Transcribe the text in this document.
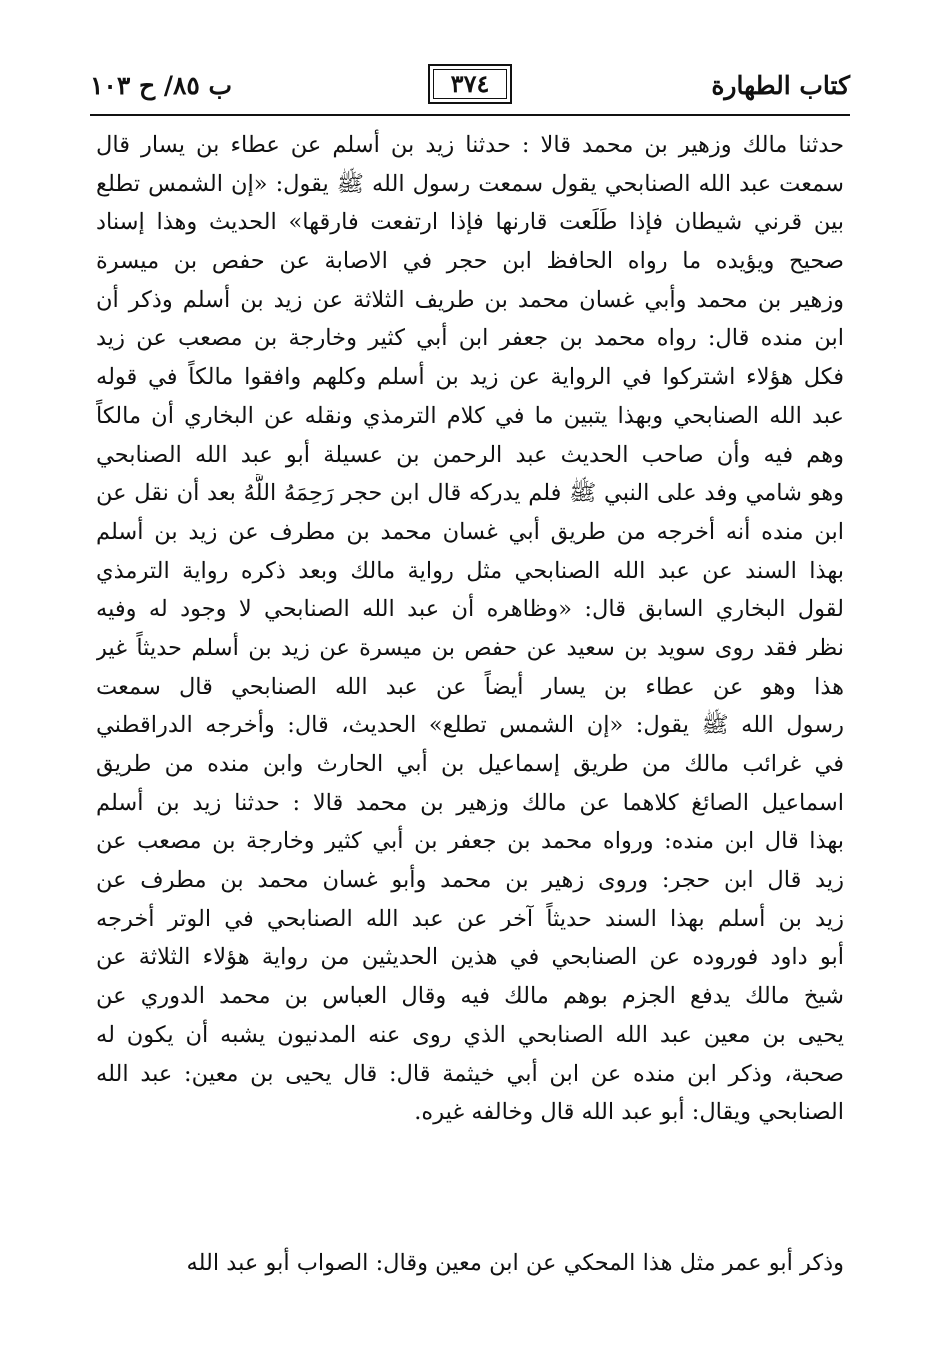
كتاب الطهارة
٣٧٤
ب ٨٥/ ح ١٠٣
حدثنا مالك وزهير بن محمد قالا : حدثنا زيد بن أسلم عن عطاء بن يسار قال
سمعت عبد الله الصنابحي يقول سمعت رسول الله ﷺ يقول: «إن الشمس تطلع
بين قرني شيطان فإذا طَلَعت قارنها فإذا ارتفعت فارقها» الحديث وهذا إسناد
صحيح ويؤيده ما رواه الحافظ ابن حجر في الاصابة عن حفص بن ميسرة
وزهير بن محمد وأبي غسان محمد بن طريف الثلاثة عن زيد بن أسلم وذكر أن
ابن منده قال: رواه محمد بن جعفر ابن أبي كثير وخارجة بن مصعب عن زيد
فكل هؤلاء اشتركوا في الرواية عن زيد بن أسلم وكلهم وافقوا مالكاً في قوله
عبد الله الصنابحي وبهذا يتبين ما في كلام الترمذي ونقله عن البخاري أن مالكاً
وهم فيه وأن صاحب الحديث عبد الرحمن بن عسيلة أبو عبد الله الصنابحي
وهو شامي وفد على النبي ﷺ فلم يدركه قال ابن حجر رَحِمَهُ اللَّهُ بعد أن نقل عن
ابن منده أنه أخرجه من طريق أبي غسان محمد بن مطرف عن زيد بن أسلم
بهذا السند عن عبد الله الصنابحي مثل رواية مالك وبعد ذكره رواية الترمذي
لقول البخاري السابق قال: «وظاهره أن عبد الله الصنابحي لا وجود له وفيه
نظر فقد روى سويد بن سعيد عن حفص بن ميسرة عن زيد بن أسلم حديثاً غير
هذا وهو عن عطاء بن يسار أيضاً عن عبد الله الصنابحي قال سمعت
رسول الله ﷺ يقول: «إن الشمس تطلع» الحديث، قال: وأخرجه الدراقطني
في غرائب مالك من طريق إسماعيل بن أبي الحارث وابن منده من طريق
اسماعيل الصائغ كلاهما عن مالك وزهير بن محمد قالا : حدثنا زيد بن أسلم
بهذا قال ابن منده: ورواه محمد بن جعفر بن أبي كثير وخارجة بن مصعب عن
زيد قال ابن حجر: وروى زهير بن محمد وأبو غسان محمد بن مطرف عن
زيد بن أسلم بهذا السند حديثاً آخر عن عبد الله الصنابحي في الوتر أخرجه
أبو داود فوروده عن الصنابحي في هذين الحديثين من رواية هؤلاء الثلاثة عن
شيخ مالك يدفع الجزم بوهم مالك فيه وقال العباس بن محمد الدوري عن
يحيى بن معين عبد الله الصنابحي الذي روى عنه المدنيون يشبه أن يكون له
صحبة، وذكر ابن منده عن ابن أبي خيثمة قال: قال يحيى بن معين: عبد الله
الصنابحي ويقال: أبو عبد الله قال وخالفه غيره.
وذكر أبو عمر مثل هذا المحكي عن ابن معين وقال: الصواب أبو عبد الله
